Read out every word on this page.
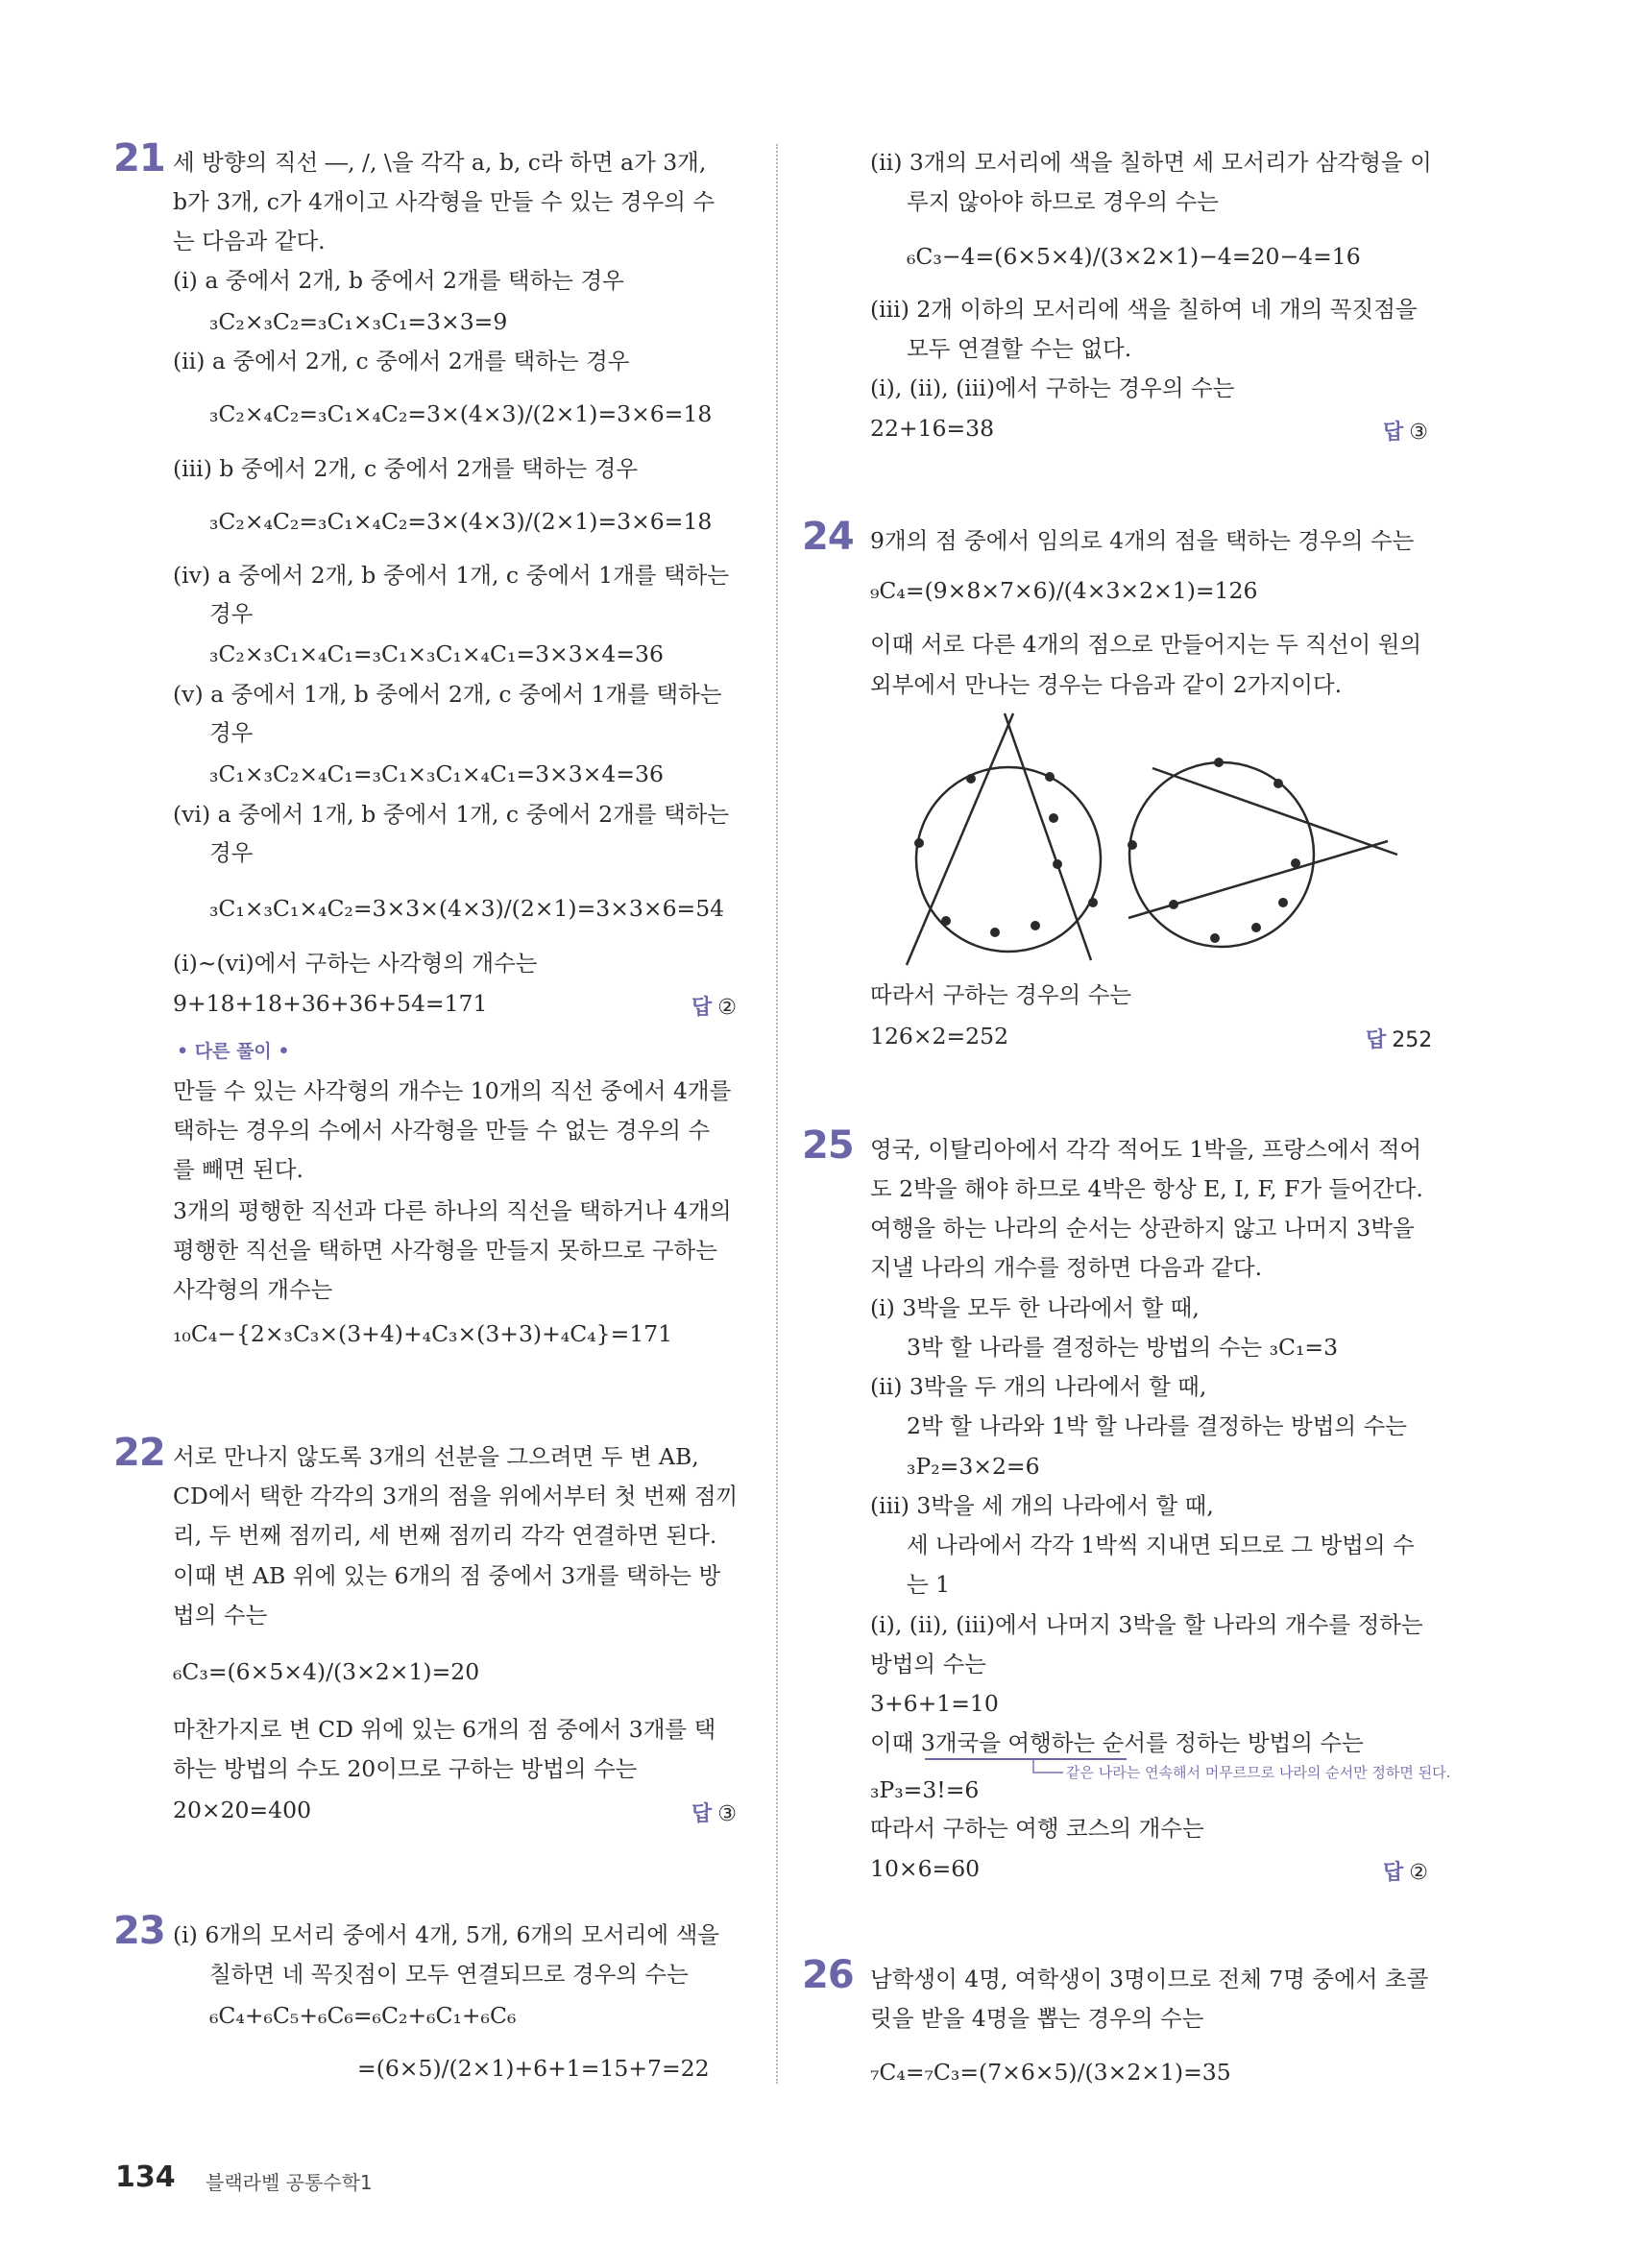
21 세 방향의 직선 ―, /, \을 각각 a, b, c라 하면 a가 3개,
b가 3개, c가 4개이고 사각형을 만들 수 있는 경우의 수
는 다음과 같다.
(ⅰ) a 중에서 2개, b 중에서 2개를 택하는 경우
₃C₂×₃C₂=₃C₁×₃C₁=3×3=9
(ⅱ) a 중에서 2개, c 중에서 2개를 택하는 경우
₃C₂×₄C₂=₃C₁×₄C₂=3×(4×3)/(2×1)=3×6=18
(ⅲ) b 중에서 2개, c 중에서 2개를 택하는 경우
₃C₂×₄C₂=₃C₁×₄C₂=3×(4×3)/(2×1)=3×6=18
(ⅳ) a 중에서 2개, b 중에서 1개, c 중에서 1개를 택하는
경우
₃C₂×₃C₁×₄C₁=₃C₁×₃C₁×₄C₁=3×3×4=36
(ⅴ) a 중에서 1개, b 중에서 2개, c 중에서 1개를 택하는
경우
₃C₁×₃C₂×₄C₁=₃C₁×₃C₁×₄C₁=3×3×4=36
(ⅵ) a 중에서 1개, b 중에서 1개, c 중에서 2개를 택하는
경우
₃C₁×₃C₁×₄C₂=3×3×(4×3)/(2×1)=3×3×6=54
(ⅰ)~(ⅵ)에서 구하는 사각형의 개수는
9+18+18+36+36+54=171	답 ②
• 다른 풀이 •
만들 수 있는 사각형의 개수는 10개의 직선 중에서 4개를
택하는 경우의 수에서 사각형을 만들 수 없는 경우의 수
를 빼면 된다.
3개의 평행한 직선과 다른 하나의 직선을 택하거나 4개의
평행한 직선을 택하면 사각형을 만들지 못하므로 구하는
사각형의 개수는
₁₀C₄−{2×₃C₃×(3+4)+₄C₃×(3+3)+₄C₄}=171
22 서로 만나지 않도록 3개의 선분을 그으려면 두 변 AB,
CD에서 택한 각각의 3개의 점을 위에서부터 첫 번째 점끼
리, 두 번째 점끼리, 세 번째 점끼리 각각 연결하면 된다.
이때 변 AB 위에 있는 6개의 점 중에서 3개를 택하는 방
법의 수는
₆C₃=(6×5×4)/(3×2×1)=20
마찬가지로 변 CD 위에 있는 6개의 점 중에서 3개를 택
하는 방법의 수도 20이므로 구하는 방법의 수는
20×20=400	답 ③
23 (ⅰ) 6개의 모서리 중에서 4개, 5개, 6개의 모서리에 색을
칠하면 네 꼭짓점이 모두 연결되므로 경우의 수는
₆C₄+₆C₅+₆C₆=₆C₂+₆C₁+₆C₆
=(6×5)/(2×1)+6+1=15+7=22
(ⅱ) 3개의 모서리에 색을 칠하면 세 모서리가 삼각형을 이
루지 않아야 하므로 경우의 수는
₆C₃−4=(6×5×4)/(3×2×1)−4=20−4=16
(ⅲ) 2개 이하의 모서리에 색을 칠하여 네 개의 꼭짓점을
모두 연결할 수는 없다.
(ⅰ), (ⅱ), (ⅲ)에서 구하는 경우의 수는
22+16=38	답 ③
24 9개의 점 중에서 임의로 4개의 점을 택하는 경우의 수는
₉C₄=(9×8×7×6)/(4×3×2×1)=126
이때 서로 다른 4개의 점으로 만들어지는 두 직선이 원의
외부에서 만나는 경우는 다음과 같이 2가지이다.
따라서 구하는 경우의 수는
126×2=252	답 252
25 영국, 이탈리아에서 각각 적어도 1박을, 프랑스에서 적어
도 2박을 해야 하므로 4박은 항상 E, I, F, F가 들어간다.
여행을 하는 나라의 순서는 상관하지 않고 나머지 3박을
지낼 나라의 개수를 정하면 다음과 같다.
(ⅰ) 3박을 모두 한 나라에서 할 때,
3박 할 나라를 결정하는 방법의 수는 ₃C₁=3
(ⅱ) 3박을 두 개의 나라에서 할 때,
2박 할 나라와 1박 할 나라를 결정하는 방법의 수는
₃P₂=3×2=6
(ⅲ) 3박을 세 개의 나라에서 할 때,
세 나라에서 각각 1박씩 지내면 되므로 그 방법의 수
는 1
(ⅰ), (ⅱ), (ⅲ)에서 나머지 3박을 할 나라의 개수를 정하는
방법의 수는
3+6+1=10
이때 3개국을 여행하는 순서를 정하는 방법의 수는
같은 나라는 연속해서 머무르므로 나라의 순서만 정하면 된다.
₃P₃=3!=6
따라서 구하는 여행 코스의 개수는
10×6=60	답 ②
26 남학생이 4명, 여학생이 3명이므로 전체 7명 중에서 초콜
릿을 받을 4명을 뽑는 경우의 수는
₇C₄=₇C₃=(7×6×5)/(3×2×1)=35
134 블랙라벨 공통수학1
